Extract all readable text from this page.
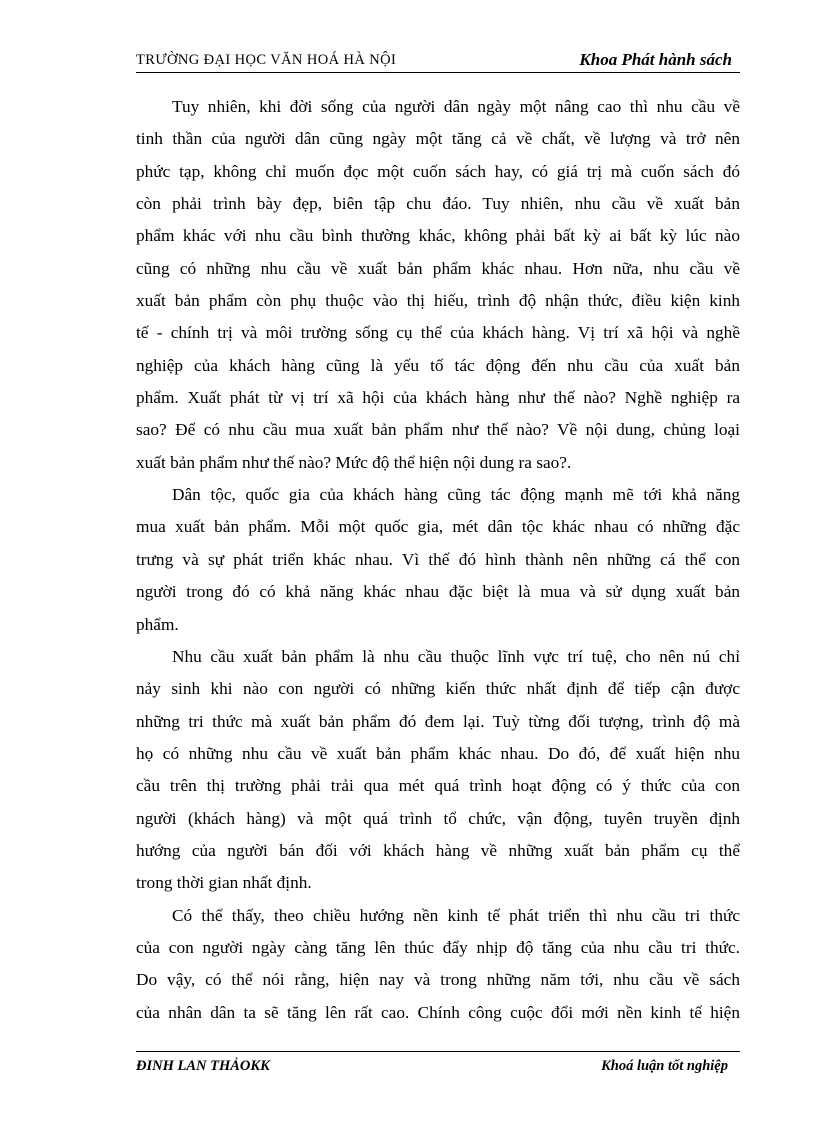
TRƯỜNG ĐẠI HỌC VĂN HOÁ HÀ NỘI	Khoa Phát hành sách
Tuy nhiên, khi đời sống của người dân ngày một nâng cao thì nhu cầu về
tinh thần của người dân cũng ngày một tăng cả về chất, về lượng và trở nên
phức tạp, không chỉ muốn đọc một cuốn sách hay, có giá trị mà cuốn sách đó
còn phải trình bày đẹp, biên tập chu đáo. Tuy nhiên, nhu cầu về xuất bản
phẩm khác với nhu cầu bình thường khác, không phải bất kỳ ai bất kỳ lúc nào
cũng có những nhu cầu về xuất bản phẩm khác nhau. Hơn nữa, nhu cầu về
xuất bản phẩm còn phụ thuộc vào thị hiếu, trình độ nhận thức, điều kiện kinh
tế - chính trị và môi trường sống cụ thể của khách hàng. Vị trí xã hội và nghề
nghiệp của khách hàng cũng là yếu tố tác động đến nhu cầu của xuất bản
phẩm. Xuất phát từ vị trí xã hội của khách hàng như thế nào? Nghề nghiệp ra
sao? Để có nhu cầu mua xuất bản phẩm như thế nào? Về nội dung, chủng loại
xuất bản phẩm như thế nào? Mức độ thể hiện nội dung ra sao?.
Dân tộc, quốc gia của khách hàng cũng tác động mạnh mẽ tới khả năng
mua xuất bản phẩm. Mỗi một quốc gia, mét dân tộc khác nhau có những đặc
trưng và sự phát triển khác nhau. Vì thế đó hình thành nên những cá thể con
người trong đó có khả năng khác nhau đặc biệt là mua và sử dụng xuất bản
phẩm.
Nhu cầu xuất bản phẩm là nhu cầu thuộc lĩnh vực trí tuệ, cho nên nú chỉ
nảy sinh khi nào con người có những kiến thức nhất định để tiếp cận được
những tri thức mà xuất bản phẩm đó đem lại. Tuỳ từng đối tượng, trình độ mà
họ có những nhu cầu về xuất bản phẩm khác nhau. Do đó, để xuất hiện nhu
cầu trên thị trường phải trải qua mét quá trình hoạt động có ý thức của con
người (khách hàng) và một quá trình tổ chức, vận động, tuyên truyền định
hướng của người bán đối với khách hàng về những xuất bản phẩm cụ thể
trong thời gian nhất định.
Có thể thấy, theo chiều hướng nền kinh tế phát triển thì nhu cầu tri thức
của con người ngày càng tăng lên thúc đẩy nhịp độ tăng của nhu cầu tri thức.
Do vậy, có thể nói rằng, hiện nay và trong những năm tới, nhu cầu về sách
của nhân dân ta sẽ tăng lên rất cao. Chính công cuộc đổi mới nền kinh tế hiện
ĐINH LAN THẢOKK	Khoá luận tốt nghiệp
